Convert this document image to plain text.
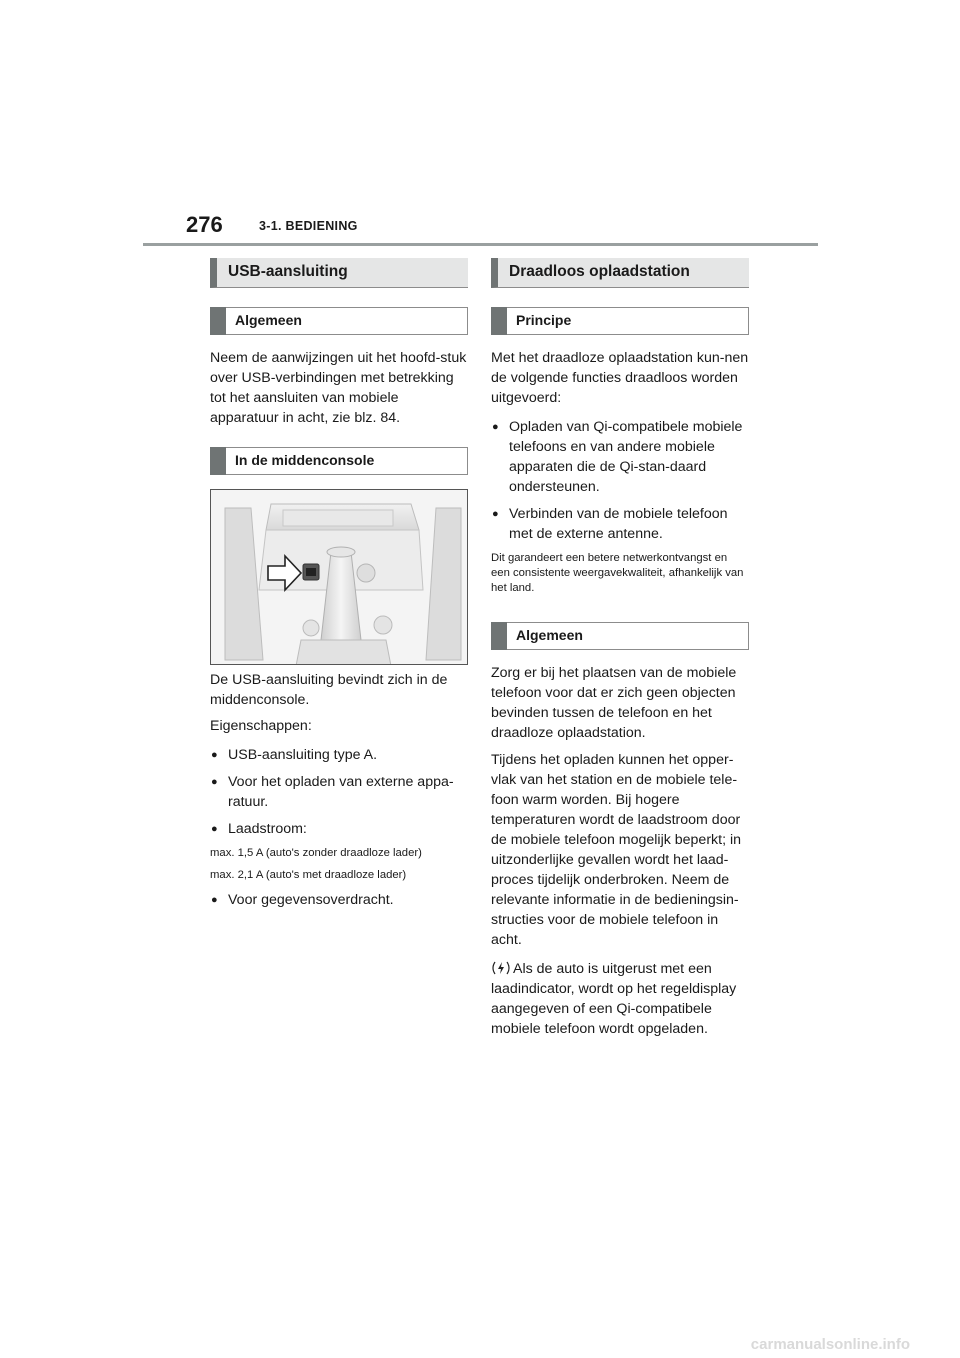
276	3-1. BEDIENING
USB-aansluiting
Algemeen

Neem de aanwijzingen uit het hoofd-stuk over USB-verbindingen met betrekking tot het aansluiten van mobiele apparatuur in acht, zie blz. 84.

In de middenconsole

De USB-aansluiting bevindt zich in de middenconsole.

Eigenschappen:

● USB-aansluiting type A.
● Voor het opladen van externe appa-ratuur.
● Laadstroom:

max. 1,5 A (auto's zonder draadloze lader)

max. 2,1 A (auto's met draadloze lader)

● Voor gegevensoverdracht.
Draadloos oplaadstation
Principe

Met het draadloze oplaadstation kun-nen de volgende functies draadloos worden uitgevoerd:

● Opladen van Qi-compatibele mobiele telefoons en van andere mobiele apparaten die de Qi-stan-daard ondersteunen.
● Verbinden van de mobiele telefoon met de externe antenne.

Dit garandeert een betere netwerkontvangst en een consistente weergavekwaliteit, afhankelijk van het land.

Algemeen

Zorg er bij het plaatsen van de mobiele telefoon voor dat er zich geen objecten bevinden tussen de telefoon en het draadloze oplaadstation.

Tijdens het opladen kunnen het opper-vlak van het station en de mobiele tele-foon warm worden. Bij hogere temperaturen wordt de laadstroom door de mobiele telefoon mogelijk beperkt; in uitzonderlijke gevallen wordt het laad-proces tijdelijk onderbroken. Neem de relevante informatie in de bedieningsin-structies voor de mobiele telefoon in acht.

Als de auto is uitgerust met een laadindicator, wordt op het regeldisplay aangegeven of een Qi-compatibele mobiele telefoon wordt opgeladen.

carmanualsonline.info
